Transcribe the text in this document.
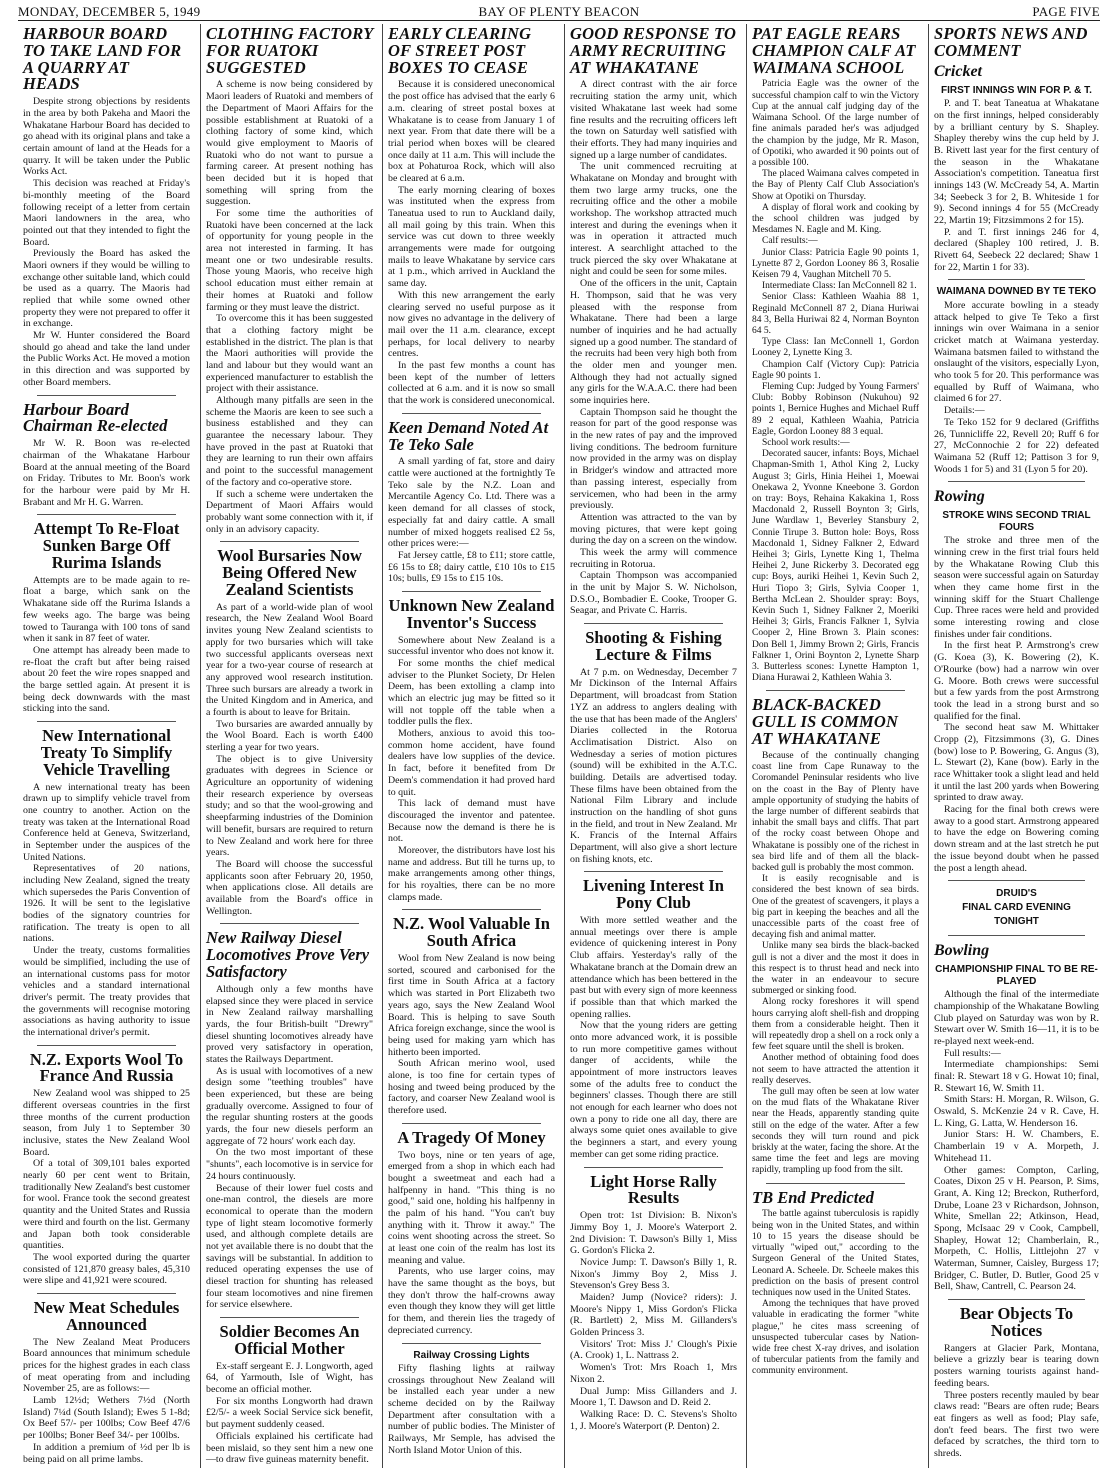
MONDAY, DECEMBER 5, 1949	BAY OF PLENTY BEACON	PAGE FIVE
HARBOUR BOARD TO TAKE LAND FOR A QUARRY AT HEADS

Despite strong objections by residents in the area by both Pakeha and Maori the Whakatane Harbour Board has decided to go ahead with its original plans and take a certain amount of land at the Heads for a quarry. It will be taken under the Public Works Act.

This decision was reached at Friday's bi-monthly meeting of the Board following receipt of a letter from certain Maori landowners in the area, who pointed out that they intended to fight the Board.

Previously the Board has asked the Maori owners if they would be willing to exchange other suitable land, which could be used as a quarry. The Maoris had replied that while some owned other property they were not prepared to offer it in exchange.

Mr W. Hunter considered the Board should go ahead and take the land under the Public Works Act. He moved a motion in this direction and was supported by other Board members.

Harbour Board Chairman Re-elected

Mr W. R. Boon was re-elected chairman of the Whakatane Harbour Board at the annual meeting of the Board on Friday. Tributes to Mr. Boon's work for the harbour were paid by Mr H. Brabant and Mr H. G. Warren.

Attempt To Re-Float Sunken Barge Off Rurima Islands

Attempts are to be made again to re-float a barge, which sank on the Whakatane side off the Rurima Islands a few weeks ago. The barge was being towed to Tauranga with 100 tons of sand when it sank in 87 feet of water.

One attempt has already been made to re-float the craft but after being raised about 20 feet the wire ropes snapped and the barge settled again. At present it is being deck downwards with the mast sticking into the sand.

New International Treaty To Simplify Vehicle Travelling

A new international treaty has been drawn up to simplify vehicle travel from one country to another. Action on the treaty was taken at the International Road Conference held at Geneva, Switzerland, in September under the auspices of the United Nations.

Representatives of 20 nations, including New Zealand, signed the treaty which supersedes the Paris Convention of 1926. It will be sent to the legislative bodies of the signatory countries for ratification. The treaty is open to all nations.

Under the treaty, customs formalities would be simplified, including the use of an international customs pass for motor vehicles and a standard international driver's permit. The treaty provides that the governments will recognise motoring associations as having authority to issue the international driver's permit.

N.Z. Exports Wool To France And Russia

New Zealand wool was shipped to 25 different overseas countries in the first three months of the current production season, from July 1 to September 30 inclusive, states the New Zealand Wool Board.

Of a total of 309,101 bales exported nearly 60 per cent went to Britain, traditionally New Zealand's best customer for wool. France took the second greatest quantity and the United States and Russia were third and fourth on the list. Germany and Japan both took considerable quantities.

The wool exported during the quarter consisted of 121,870 greasy bales, 45,310 were slipe and 41,921 were scoured.

New Meat Schedules Announced

The New Zealand Meat Producers Board announces that minimum schedule prices for the highest grades in each class of meat operating from and including November 25, are as follows:—

Lamb 12½d; Wethers 7½d (North Island) 7¼d (South Island); Ewes 5 1-8d; Ox Beef 57/- per 100lbs; Cow Beef 47/6 per 100lbs; Boner Beef 34/- per 100lbs.

In addition a premium of ½d per lb is being paid on all prime lambs.

CLOTHING FACTORY FOR RUATOKI SUGGESTED

A scheme is now being considered by Maori leaders of Ruatoki and members of the Department of Maori Affairs for the possible establishment at Ruatoki of a clothing factory of some kind, which would give employment to Maoris of Ruatoki who do not want to pursue a farming career. At present nothing has been decided but it is hoped that something will spring from the suggestion.

For some time the authorities of Ruatoki have been concerned at the lack of opportunity for young people in the area not interested in farming. It has meant one or two undesirable results. Those young Maoris, who receive high school education must either remain at their homes at Ruatoki and follow farming or they must leave the district.

To overcome this it has been suggested that a clothing factory might be established in the district. The plan is that the Maori authorities will provide the land and labour but they would want an experienced manufacturer to establish the project with their assistance.

Although many pitfalls are seen in the scheme the Maoris are keen to see such a business established and they can guarantee the necessary labour. They have proved in the past at Ruatoki that they are learning to run their own affairs and point to the successful management of the factory and co-operative store.

If such a scheme were undertaken the Department of Maori Affairs would probably want some connection with it, if only in an advisory capacity.

Wool Bursaries Now Being Offered New Zealand Scientists

As part of a world-wide plan of wool research, the New Zealand Wool Board invites young New Zealand scientists to apply for two bursaries which will take two successful applicants overseas next year for a two-year course of research at any approved wool research institution. Three such bursars are already a twork in the United Kingdom and in America, and a fourth is about to leave for Britain.

Two bursaries are awarded annually by the Wool Board. Each is worth £400 sterling a year for two years.

The object is to give University graduates with degrees in Science or Agriculture an opportunity of widening their research experience by overseas study; and so that the wool-growing and sheepfarming industries of the Dominion will benefit, bursars are required to return to New Zealand and work here for three years.

The Board will choose the successful applicants soon after February 20, 1950, when applications close. All details are available from the Board's office in Wellington.

New Railway Diesel Locomotives Prove Very Satisfactory

Although only a few months have elapsed since they were placed in service in New Zealand railway marshalling yards, the four British-built "Drewry" diesel shunting locomotives already have proved very satisfactory in operation, states the Railways Department.

As is usual with locomotives of a new design some "teething troubles" have been experienced, but these are being gradually overcome. Assigned to four of the regular shunting rosters at the goods yards, the four new diesels perform an aggregate of 72 hours' work each day.

On the two most important of these "shunts", each locomotive is in service for 24 hours continuously.

Because of their lower fuel costs and one-man control, the diesels are more economical to operate than the modern type of light steam locomotive formerly used, and although complete details are not yet available there is no doubt that the savings will be substantial. In addition to reduced operating expenses the use of diesel traction for shunting has released four steam locomotives and nine firemen for service elsewhere.

Soldier Becomes An Official Mother

Ex-staff sergeant E. J. Longworth, aged 64, of Yarmouth, Isle of Wight, has become an official mother.

For six months Longworth had drawn £2/5/- a week Social Service sick benefit, but payment suddenly ceased.

Officials explained his certificate had been mislaid, so they sent him a new one—to draw five guineas maternity benefit.

EARLY CLEARING OF STREET POST BOXES TO CEASE

Because it is considered uneconomical the post office has advised that the early 6 a.m. clearing of street postal boxes at Whakatane is to cease from January 1 of next year. From that date there will be a trial period when boxes will be cleared once daily at 11 a.m. This will include the box at Pohaturoa Rock, which will also be cleared at 6 a.m.

The early morning clearing of boxes was instituted when the express from Taneatua used to run to Auckland daily, all mail going by this train. When this service was cut down to three weekly arrangements were made for outgoing mails to leave Whakatane by service cars at 1 p.m., which arrived in Auckland the same day.

With this new arrangement the early clearing served no useful purpose as it now gives no advantage in the delivery of mail over the 11 a.m. clearance, except perhaps, for local delivery to nearby centres.

In the past few months a count has been kept of the number of letters collected at 6 a.m. and it is now so small that the work is considered uneconomical.

Keen Demand Noted At Te Teko Sale

A small yarding of fat, store and dairy cattle were auctioned at the fortnightly Te Teko sale by the N.Z. Loan and Mercantile Agency Co. Ltd. There was a keen demand for all classes of stock, especially fat and dairy cattle. A small number of mixed hoggets realised £2 5s, other prices were:—

Fat Jersey cattle, £8 to £11; store cattle, £6 15s to £8; dairy cattle, £10 10s to £15 10s; bulls, £9 15s to £15 10s.

Unknown New Zealand Inventor's Success

Somewhere about New Zealand is a successful inventor who does not know it.

For some months the chief medical adviser to the Plunket Society, Dr Helen Deem, has been extolling a clamp into which an electric jug may be fitted so it will not topple off the table when a toddler pulls the flex.

Mothers, anxious to avoid this too-common home accident, have found dealers have low supplies of the device. In fact, before it benefited from Dr Deem's commendation it had proved hard to quit.

This lack of demand must have discouraged the inventor and patentee. Because now the demand is there he is not.

Moreover, the distributors have lost his name and address. But till he turns up, to make arrangements among other things, for his royalties, there can be no more clamps made.

N.Z. Wool Valuable In South Africa

Wool from New Zealand is now being sorted, scoured and carbonised for the first time in South Africa at a factory which was started in Port Elizabeth two years ago, says the New Zealand Wool Board. This is helping to save South Africa foreign exchange, since the wool is being used for making yarn which has hitherto been imported.

South African merino wool, used alone, is too fine for certain types of hosing and tweed being produced by the factory, and coarser New Zealand wool is therefore used.

A Tragedy Of Money

Two boys, nine or ten years of age, emerged from a shop in which each had bought a sweetmeat and each had a halfpenny in hand. "This thing is no good," said one, holding his halfpenny in the palm of his hand. "You can't buy anything with it. Throw it away." The coins went shooting across the street. So at least one coin of the realm has lost its meaning and value.

Parents, who use larger coins, may have the same thought as the boys, but they don't throw the half-crowns away even though they know they will get little for them, and therein lies the tragedy of depreciated currency.

Railway Crossing Lights

Fifty flashing lights at railway crossings throughout New Zealand will be installed each year under a new scheme decided on by the Railway Department after consultation with a number of public bodies. The Minister of Railways, Mr Semple, has advised the North Island Motor Union of this.

GOOD RESPONSE TO ARMY RECRUITING AT WHAKATANE

A direct contrast with the air force recruiting station the army unit, which visited Whakatane last week had some fine results and the recruiting officers left the town on Saturday well satisfied with their efforts. They had many inquiries and signed up a large number of candidates.

The unit commenced recruiting at Whakatane on Monday and brought with them two large army trucks, one the recruiting office and the other a mobile workshop. The workshop attracted much interest and during the evenings when it was in operation it attracted much interest. A searchlight attached to the truck pierced the sky over Whakatane at night and could be seen for some miles.

One of the officers in the unit, Captain H. Thompson, said that he was very pleased with the response from Whakatane. There had been a large number of inquiries and he had actually signed up a good number. The standard of the recruits had been very high both from the older men and younger men. Although they had not actually signed any girls for the W.A.A.C. there had been some inquiries here.

Captain Thompson said he thought the reason for part of the good response was in the new rates of pay and the improved living conditions. The bedroom furniture now provided in the army was on display in Bridger's window and attracted more than passing interest, especially from servicemen, who had been in the army previously.

Attention was attracted to the van by moving pictures, that were kept going during the day on a screen on the window.

This week the army will commence recruiting in Rotorua.

Captain Thompson was accompanied in the unit by Major S. W. Nicholson, D.S.O., Bombadier E. Cooke, Trooper G. Seagar, and Private C. Harris.

Shooting & Fishing Lecture & Films

At 7 p.m. on Wednesday, December 7 Mr Dickinson of the Internal Affairs Department, will broadcast from Station 1YZ an address to anglers dealing with the use that has been made of the Anglers' Diaries collected in the Rotorua Acclimatisation District. Also on Wednesday a series of motion pictures (sound) will be exhibited in the A.T.C. building. Details are advertised today. These films have been obtained from the National Film Library and include instruction on the handling of shot guns in the field, and trout in New Zealand. Mr K. Francis of the Internal Affairs Department, will also give a short lecture on fishing knots, etc.

Livening Interest In Pony Club

With more settled weather and the annual meetings over there is ample evidence of quickening interest in Pony Club affairs. Yesterday's rally of the Whakatane branch at the Domain drew an attendance which has been bettered in the past but with every sign of more keenness if possible than that which marked the opening rallies.

Now that the young riders are getting onto more advanced work, it is possible to run more competitive games without danger of accidents, while the appointment of more instructors leaves some of the adults free to conduct the beginners' classes. Though there are still not enough for each learner who does not own a pony to ride one all day, there are always some quiet ones available to give the beginners a start, and every young member can get some riding practice.

Light Horse Rally Results

Open trot: 1st Division: B. Nixon's Jimmy Boy 1, J. Moore's Waterport 2. 2nd Division: T. Dawson's Billy 1, Miss G. Gordon's Flicka 2.

Novice Jump: T. Dawson's Billy 1, R. Nixon's Jimmy Boy 2, Miss J. Stevenson's Grey Bess 3.

Maiden? Jump (Novice? riders): J. Moore's Nippy 1, Miss Gordon's Flicka (R. Bartlett) 2, Miss M. Gillanders's Golden Princess 3.

Visitors' Trot: Miss J.' Clough's Pixie (A. Crook) 1, L. Nattrass 2.

Women's Trot: Mrs Roach 1, Mrs Nixon 2.

Dual Jump: Miss Gillanders and J. Moore 1, T. Dawson and D. Reid 2.

Walking Race: D. C. Stevens's Sholto 1, J. Moore's Waterport (P. Denton) 2.

PAT EAGLE REARS CHAMPION CALF AT WAIMANA SCHOOL

Patricia Eagle was the owner of the successful champion calf to win the Victory Cup at the annual calf judging day of the Waimana School. Of the large number of fine animals paraded her's was adjudged the champion by the judge, Mr R. Mason, of Opotiki, who awarded it 90 points out of a possible 100.

The placed Waimana calves competed in the Bay of Plenty Calf Club Association's Show at Opotiki on Thursday.

A display of floral work and cooking by the school children was judged by Mesdames N. Eagle and M. King.

Calf results:—

Junior Class: Patricia Eagle 90 points 1, Lynette 87 2, Gordon Looney 86 3, Rosalie Keisen 79 4, Vaughan Mitchell 70 5.

Intermediate Class: Ian McConnell 82 1.

Senior Class: Kathleen Waahia 88 1, Reginald McConnell 87 2, Diana Huriwai 84 3, Bella Huriwai 82 4, Norman Boynton 64 5.

Type Class: Ian McConnell 1, Gordon Looney 2, Lynette King 3.

Champion Calf (Victory Cup): Patricia Eagle 90 points 1.

Fleming Cup: Judged by Young Farmers' Club: Bobby Robinson (Nukuhou) 92 points 1, Bernice Hughes and Michael Ruff 89 2 equal, Kathleen Waahia, Patricia Eagle, Gordon Looney 88 3 equal.

School work results:—

Decorated saucer, infants: Boys, Michael Chapman-Smith 1, Athol King 2, Lucky August 3; Girls, Hinia Heihei 1, Moewai Onekawa 2, Yvonne Kneebone 3. Gordon on tray: Boys, Rehaina Kakakina 1, Ross Macdonald 2, Russell Boynton 3; Girls, June Wardlaw 1, Beverley Stansbury 2, Connie Tirupe 3. Button hole: Boys, Ross Macdonald 1, Sidney Falkner 2, Edward Heihei 3; Girls, Lynette King 1, Thelma Heihei 2, June Rickerby 3. Decorated egg cup: Boys, auriki Heihei 1, Kevin Such 2, Huri Tiopo 3; Girls, Sylvia Cooper 1, Bertha McLean 2. Shoulder spray: Boys, Kevin Such 1, Sidney Falkner 2, Moeriki Heihei 3; Girls, Francis Falkner 1, Sylvia Cooper 2, Hine Brown 3. Plain scones: Don Bell 1, Jimmy Brown 2; Girls, Francis Falkner 1, Orini Boynton 2, Lynette Sharp 3. Butterless scones: Lynette Hampton 1, Diana Hurawai 2, Kathleen Wahia 3.

BLACK-BACKED GULL IS COMMON AT WHAKATANE

Because of the continually changing coast line from Cape Runaway to the Coromandel Peninsular residents who live on the coast in the Bay of Plenty have ample opportunity of studying the habits of the large number of different seabirds that inhabit the small bays and cliffs. That part of the rocky coast between Ohope and Whakatane is possibly one of the richest in sea bird life and of them all the black-backed gull is probably the most common.

It is easily recognisable and is considered the best known of sea birds. One of the greatest of scavengers, it plays a big part in keeping the beaches and all the unaccessible parts of the coast free of decaying fish and animal matter.

Unlike many sea birds the black-backed gull is not a diver and the most it does in this respect is to thrust head and neck into the water in an endeavour to secure submerged or sinking food.

Along rocky foreshores it will spend hours carrying aloft shell-fish and dropping them from a considerable height. Then it will repeatedly drop a shell on a rock only a few feet square until the shell is broken.

Another method of obtaining food does not seem to have attracted the attention it really deserves.

The gull may often be seen at low water on the mud flats of the Whakatane River near the Heads, apparently standing quite still on the edge of the water. After a few seconds they will turn round and pick briskly at the water, facing the shore. At the same time the feet and legs are moving rapidly, trampling up food from the silt.

TB End Predicted

The battle against tuberculosis is rapidly being won in the United States, and within 10 to 15 years the disease should be virtually "wiped out," according to the Surgeon General of the United States, Leonard A. Scheele. Dr. Scheele makes this prediction on the basis of present control techniques now used in the United States.

Among the techniques that have proved valuable in eradicating the former "white plague," he cites mass screening of unsuspected tubercular cases by Nation-wide free chest X-ray drives, and isolation of tubercular patients from the family and community environment.

SPORTS NEWS AND COMMENT
Cricket
FIRST INNINGS WIN FOR P. & T.

P. and T. beat Taneatua at Whakatane on the first innings, helped considerably by a brilliant century by S. Shapley. Shapley thereby wins the cup held by J. B. Rivett last year for the first century of the season in the Whakatane Association's competition. Taneatua first innings 143 (W. McCready 54, A. Martin 34; Seebeck 3 for 2, B. Whiteside 1 for 9). Second innings 4 for 55 (McCready 22, Martin 19; Fitzsimmons 2 for 15).

P. and T. first innings 246 for 4, declared (Shapley 100 retired, J. B. Rivett 64, Seebeck 22 declared; Shaw 1 for 22, Martin 1 for 33).

WAIMANA DOWNED BY TE TEKO

More accurate bowling in a steady attack helped to give Te Teko a first innings win over Waimana in a senior cricket match at Waimana yesterday. Waimana batsmen failed to withstand the onslaught of the visitors, especially Lyon, who took 5 for 20. This performance was equalled by Ruff of Waimana, who claimed 6 for 27.

Details:—

Te Teko 152 for 9 declared (Griffiths 26, Tunnicliffe 22, Revell 20; Ruff 6 for 27, McConnochie 2 for 22) defeated Waimana 52 (Ruff 12; Pattison 3 for 9, Woods 1 for 5) and 31 (Lyon 5 for 20).

Rowing
STROKE WINS SECOND TRIAL FOURS

The stroke and three men of the winning crew in the first trial fours held by the Whakatane Rowing Club this season were successful again on Saturday when they came home first in the winning skiff for the Stuart Challenge Cup. Three races were held and provided some interesting rowing and close finishes under fair conditions.

In the first heat P. Armstrong's crew (G. Koea (3), K. Bowering (2), K. O'Rourke (bow) had a narrow win over G. Moore. Both crews were successful but a few yards from the post Armstrong took the lead in a strong burst and so qualified for the final.

The second heat saw M. Whittaker Cropp (2), Fitzsimmons (3), G. Dines (bow) lose to P. Bowering, G. Angus (3), L. Stewart (2), Kane (bow). Early in the race Whittaker took a slight lead and held it until the last 200 yards when Bowering sprinted to draw away.

Racing for the final both crews were away to a good start. Armstrong appeared to have the edge on Bowering coming down stream and at the last stretch he put the issue beyond doubt when he passed the post a length ahead.

DRUID'S
FINAL CARD EVENING
TONIGHT
Bowling
CHAMPIONSHIP FINAL TO BE RE-PLAYED

Although the final of the intermediate championship of the Whakatane Bowling Club played on Saturday was won by R. Stewart over W. Smith 16—11, it is to be re-played next week-end.

Full results:—

Intermediate championships: Semi final: R. Stewart 18 v G. Howat 10; final, R. Stewart 16, W. Smith 11.

Smith Stars: H. Morgan, R. Wilson, G. Oswald, S. McKenzie 24 v R. Cave, H. L. King, G. Latta, W. Henderson 16.

Junior Stars: H. W. Chambers, E. Chamberlain 19 v A. Morpeth, J. Whitehead 11.

Other games: Compton, Carling, Coates, Dixon 25 v H. Pearson, P. Sims, Grant, A. King 12; Breckon, Rutherford, Drube, Loane 23 v Richardson, Johnson, White, Smellan 22; Atkinson, Head, Spong, McIsaac 29 v Cook, Campbell, Shapley, Howat 12; Chamberlain, R., Morpeth, C. Hollis, Littlejohn 27 v Waterman, Sumner, Caisley, Burgess 17; Bridger, C. Butler, D. Butler, Good 25 v Bell, Shaw, Cantrell, C. Pearson 24.

Bear Objects To Notices

Rangers at Glacier Park, Montana, believe a grizzly bear is tearing down posters warning tourists against hand-feeding bears.

Three posters recently mauled by bear claws read: "Bears are often rude; Bears eat fingers as well as food; Play safe, don't feed bears. The first two were defaced by scratches, the third torn to shreds.
